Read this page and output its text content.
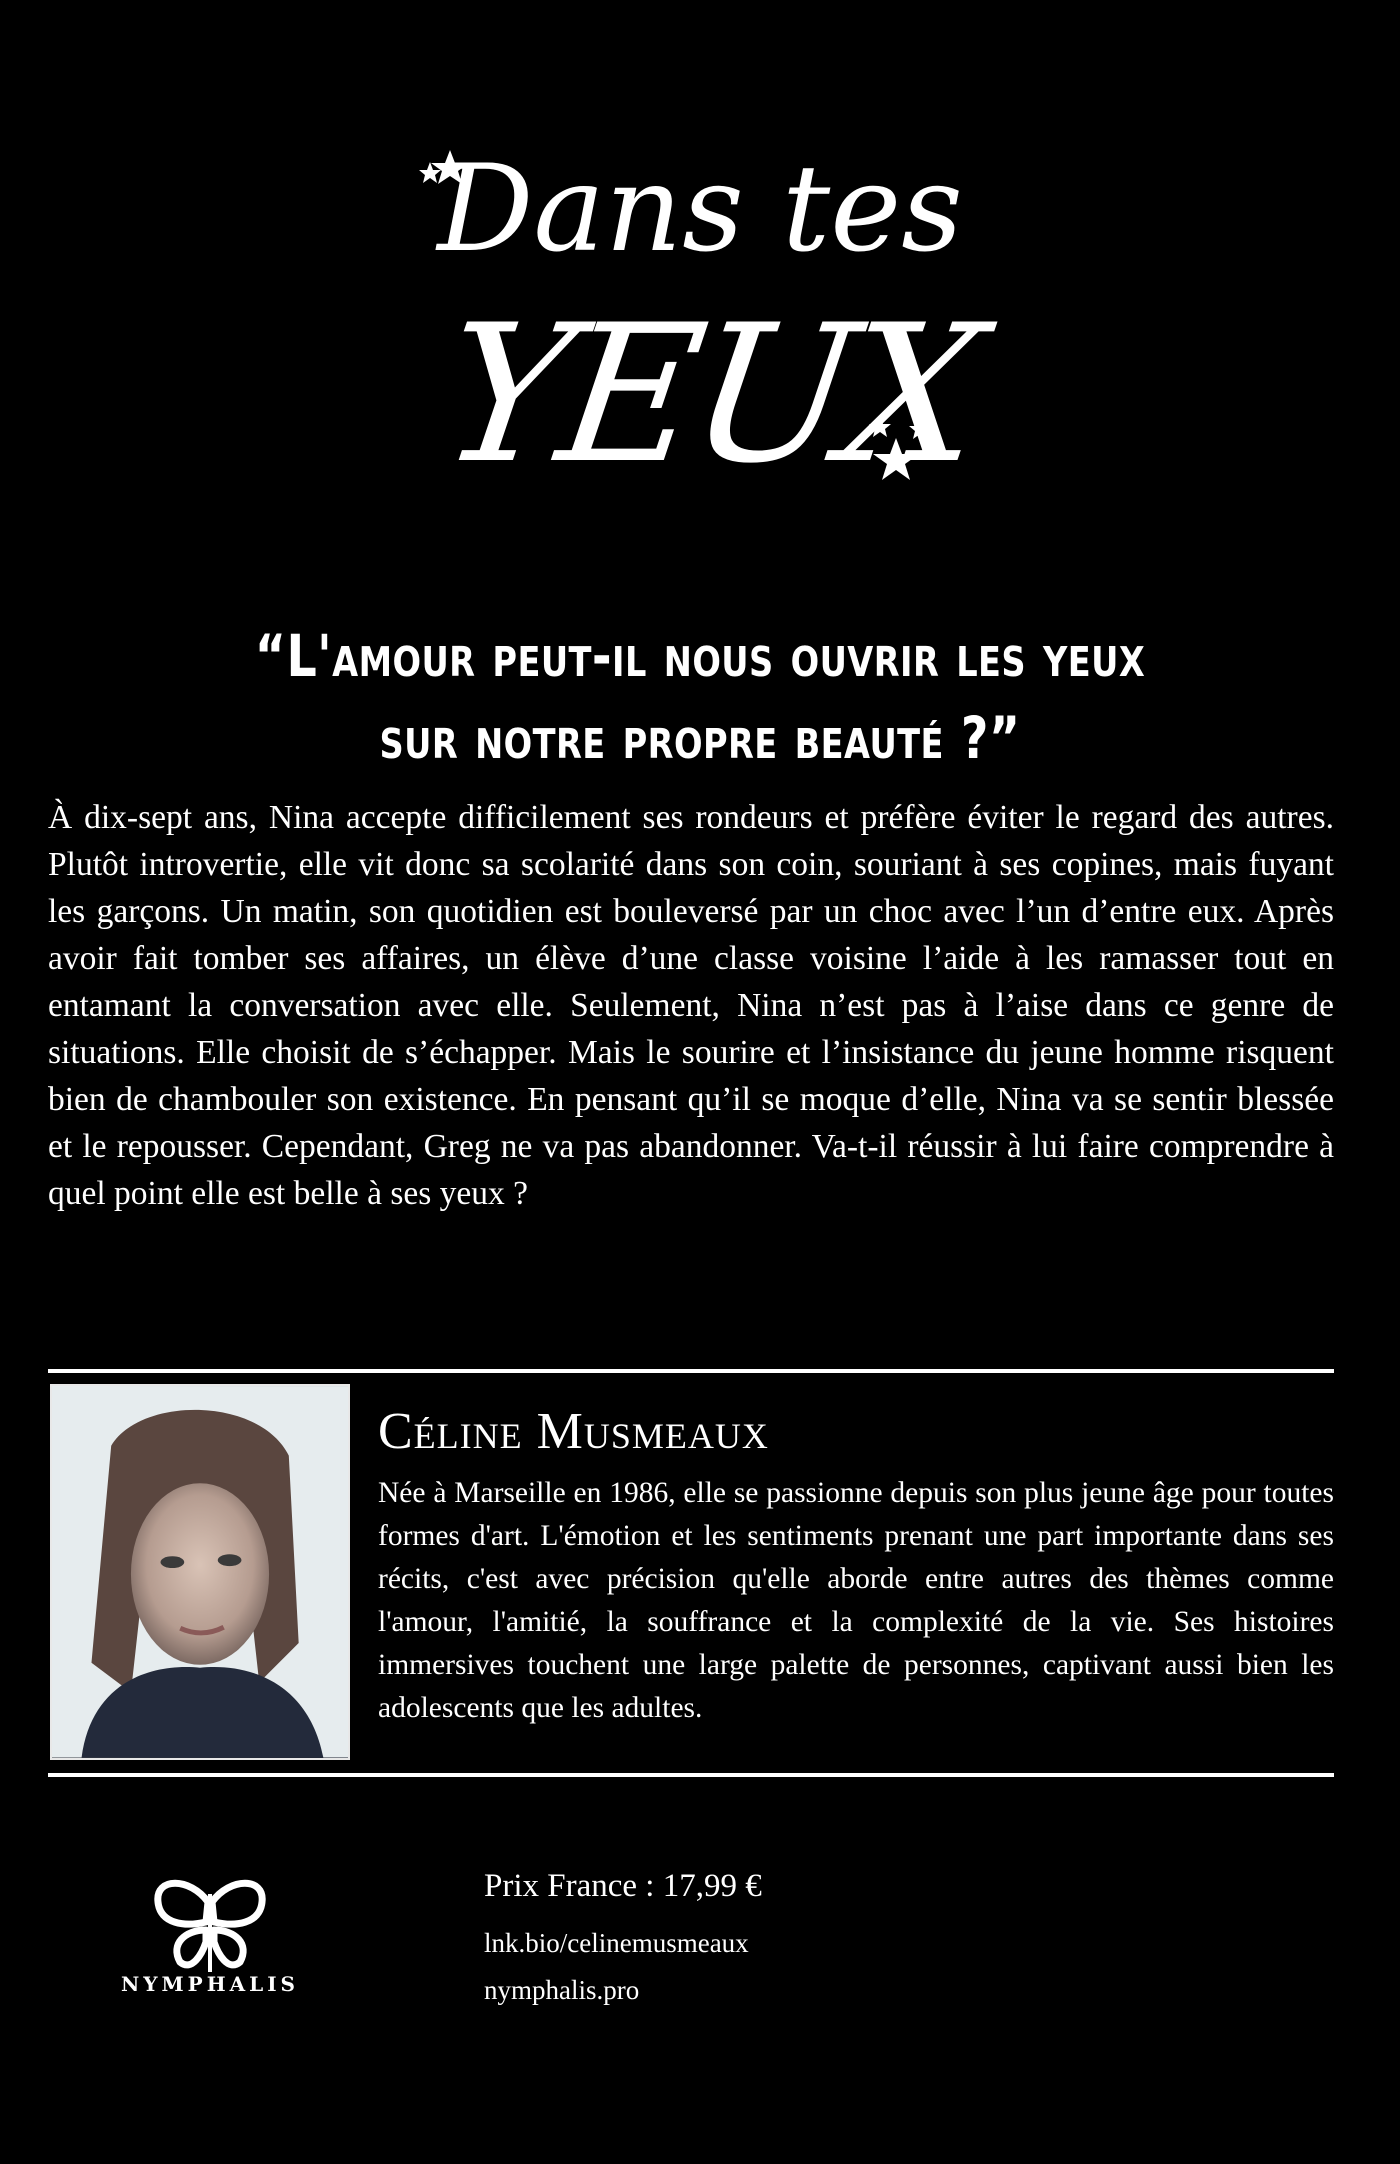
Dans tes
YEUX
“L'amour peut-il nous ouvrir les yeux
sur notre propre beauté ?”

À dix-sept ans, Nina accepte difficilement ses rondeurs et préfère éviter le regard des autres. Plutôt introvertie, elle vit donc sa scolarité dans son coin, souriant à ses copines, mais fuyant les garçons. Un matin, son quotidien est bouleversé par un choc avec l’un d’entre eux. Après avoir fait tomber ses affaires, un élève d’une classe voisine l’aide à les ramasser tout en entamant la conversation avec elle. Seulement, Nina n’est pas à l’aise dans ce genre de situations. Elle choisit de s’échapper. Mais le sourire et l’insistance du jeune homme risquent bien de chambouler son existence. En pensant qu’il se moque d’elle, Nina va se sentir blessée et le repousser. Cependant, Greg ne va pas abandonner. Va-t-il réussir à lui faire comprendre à quel point elle est belle à ses yeux ?

Céline Musmeaux

Née à Marseille en 1986, elle se passionne depuis son plus jeune âge pour toutes formes d'art. L'émotion et les sentiments prenant une part importante dans ses récits, c'est avec précision qu'elle aborde entre autres des thèmes comme l'amour, l'amitié, la souffrance et la complexité de la vie. Ses histoires immersives touchent une large palette de personnes, captivant aussi bien les adolescents que les adultes.

NYMPHALIS

Prix France : 17,99 €

lnk.bio/celinemusmeaux

nymphalis.pro
